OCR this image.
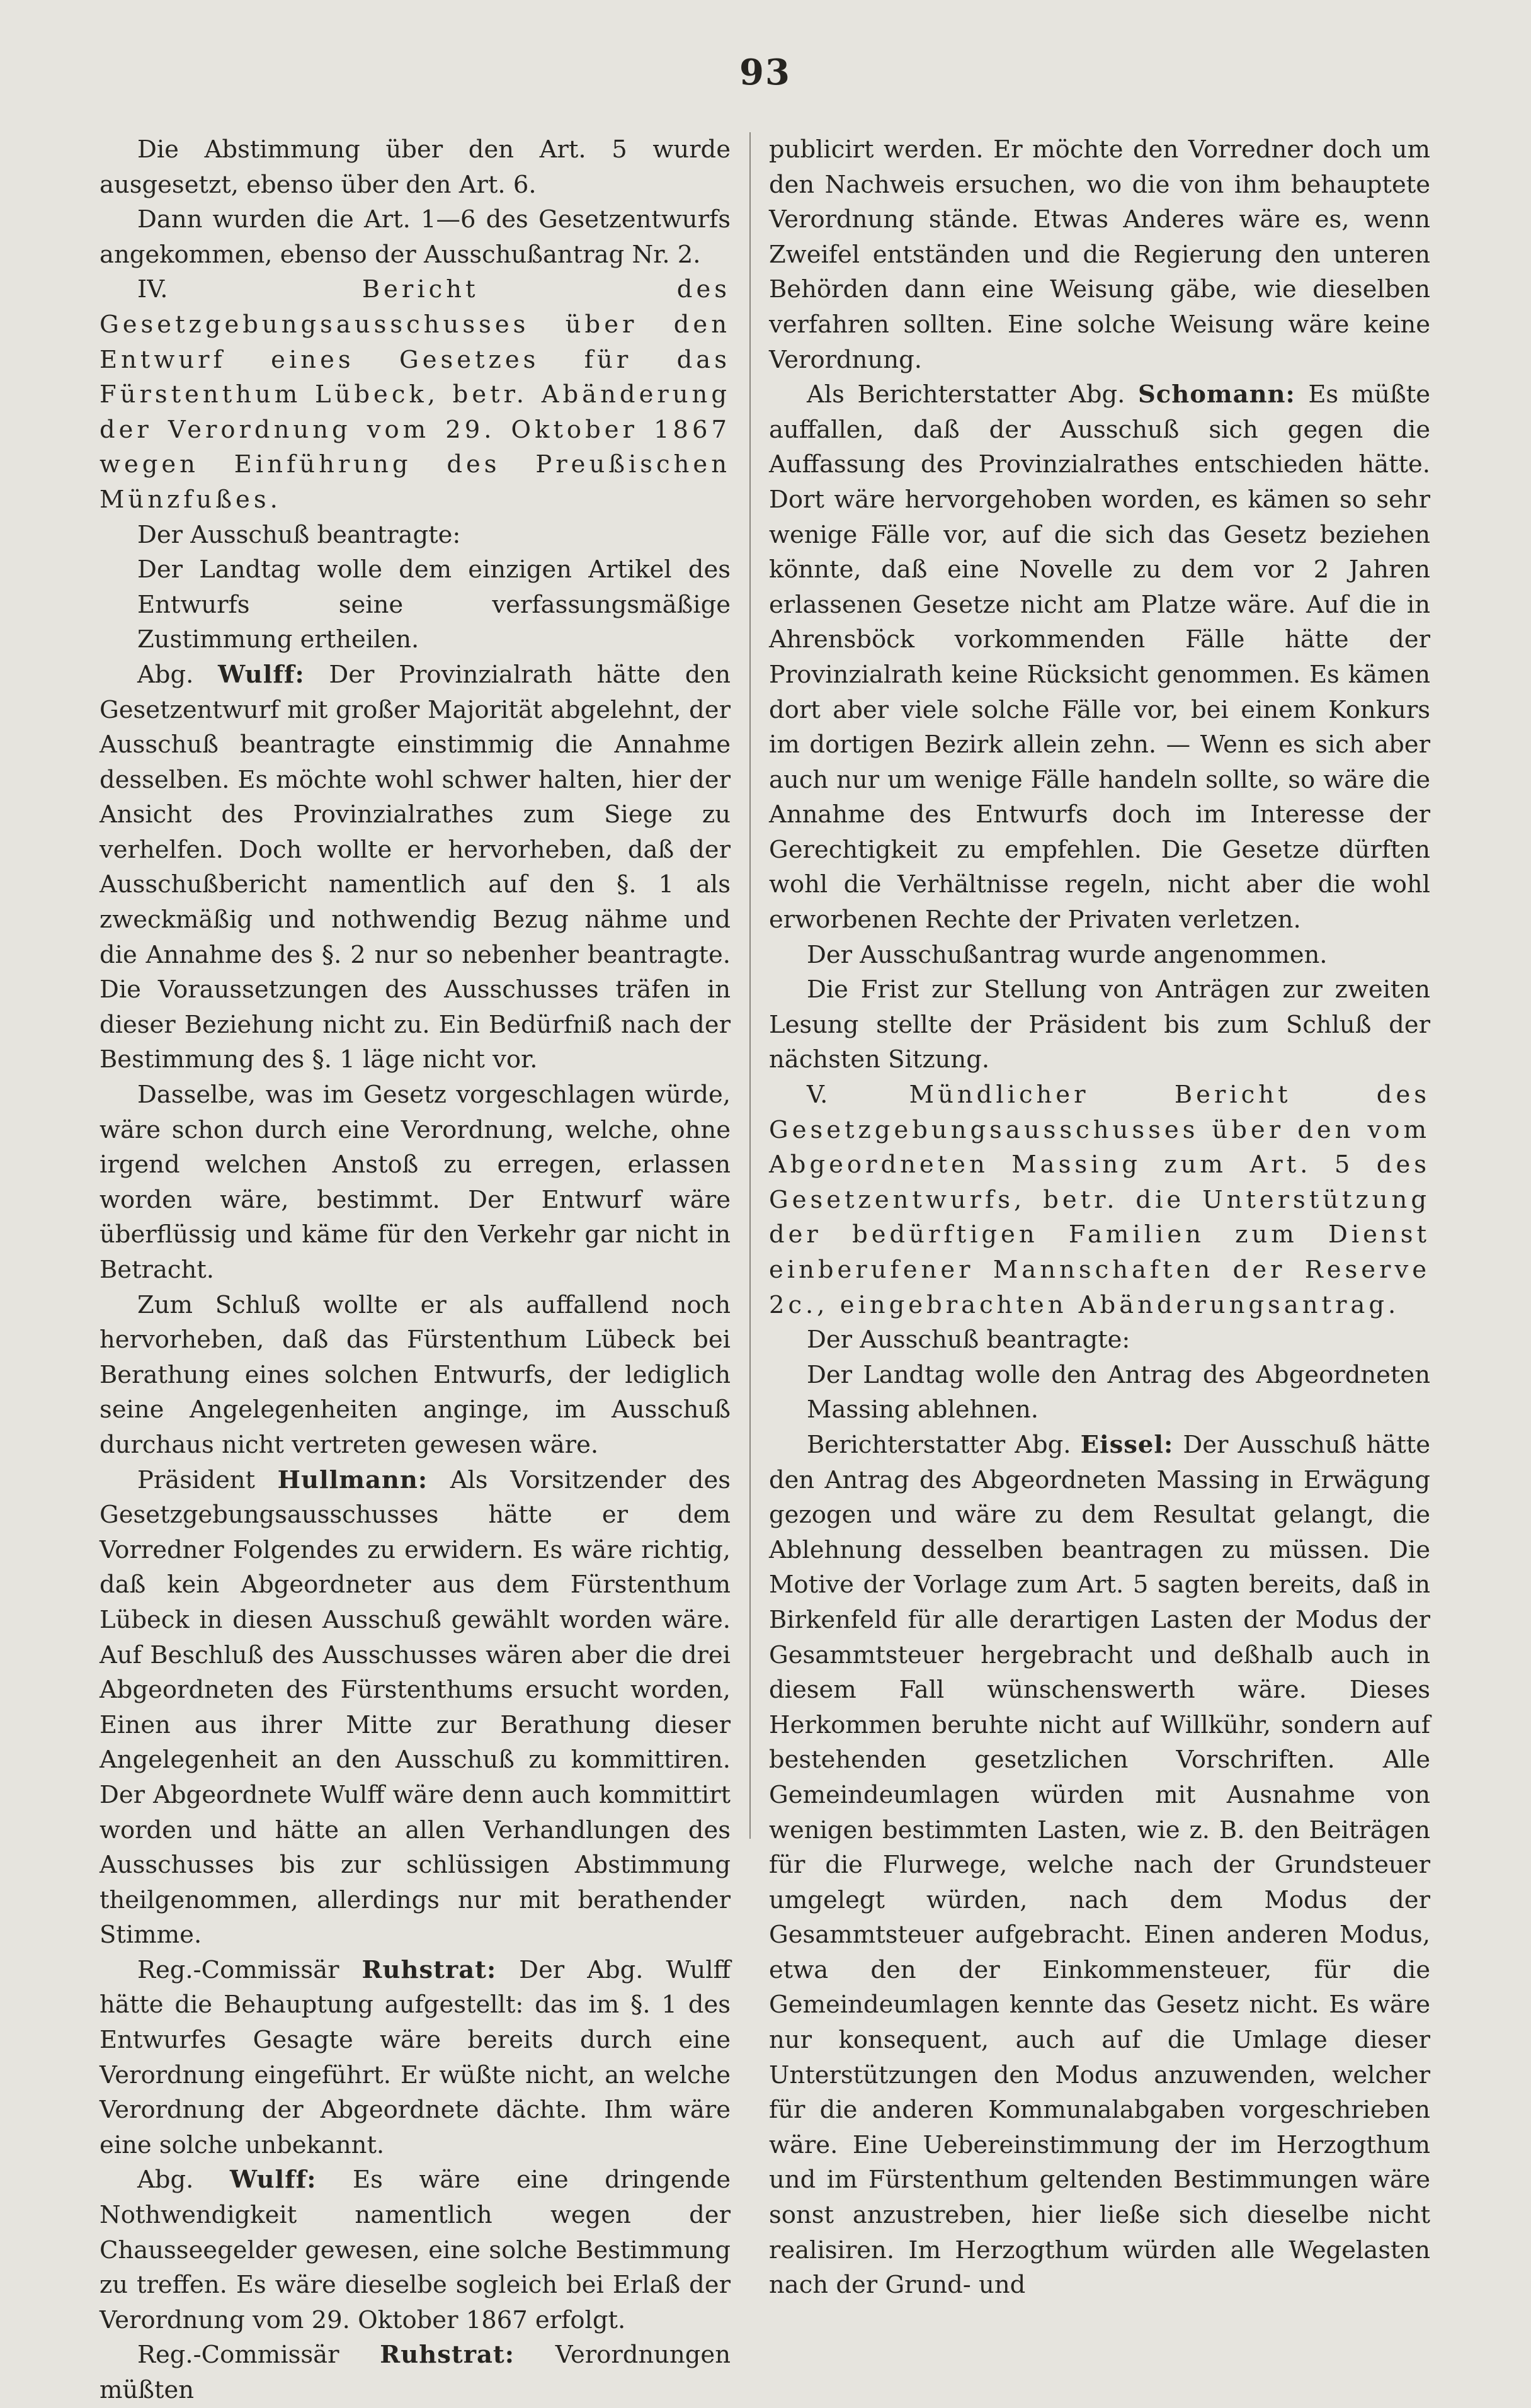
93

Die Abstimmung über den Art. 5 wurde ausgesetzt, ebenso über den Art. 6.

Dann wurden die Art. 1—6 des Gesetzentwurfs angekommen, ebenso der Ausschußantrag Nr. 2.

IV.	Bericht des Gesetzgebungsausschusses über den Entwurf eines Gesetzes für das Fürstenthum Lübeck, betr. Abänderung der Verordnung vom 29. Oktober 1867 wegen Einführung des Preußischen Münzfußes.

Der Ausschuß beantragte:

Der Landtag wolle dem einzigen Artikel des Entwurfs seine verfassungsmäßige Zustimmung ertheilen.

Abg. Wulff: Der Provinzialrath hätte den Gesetzentwurf mit großer Majorität abgelehnt, der Ausschuß beantragte einstimmig die Annahme desselben. Es möchte wohl schwer halten, hier der Ansicht des Provinzialrathes zum Siege zu verhelfen. Doch wollte er hervorheben, daß der Ausschußbericht namentlich auf den §. 1 als zweckmäßig und nothwendig Bezug nähme und die Annahme des §. 2 nur so nebenher beantragte. Die Voraussetzungen des Ausschusses träfen in dieser Beziehung nicht zu. Ein Bedürfniß nach der Bestimmung des §. 1 läge nicht vor.

Dasselbe, was im Gesetz vorgeschlagen würde, wäre schon durch eine Verordnung, welche, ohne irgend welchen Anstoß zu erregen, erlassen worden wäre, bestimmt. Der Entwurf wäre überflüssig und käme für den Verkehr gar nicht in Betracht.

Zum Schluß wollte er als auffallend noch hervorheben, daß das Fürstenthum Lübeck bei Berathung eines solchen Entwurfs, der lediglich seine Angelegenheiten anginge, im Ausschuß durchaus nicht vertreten gewesen wäre.

Präsident Hullmann: Als Vorsitzender des Gesetzgebungsausschusses hätte er dem Vorredner Folgendes zu erwidern. Es wäre richtig, daß kein Abgeordneter aus dem Fürstenthum Lübeck in diesen Ausschuß gewählt worden wäre. Auf Beschluß des Ausschusses wären aber die drei Abgeordneten des Fürstenthums ersucht worden, Einen aus ihrer Mitte zur Berathung dieser Angelegenheit an den Ausschuß zu kommittiren. Der Abgeordnete Wulff wäre denn auch kommittirt worden und hätte an allen Verhandlungen des Ausschusses bis zur schlüssigen Abstimmung theilgenommen, allerdings nur mit berathender Stimme.

Reg.-Commissär Ruhstrat: Der Abg. Wulff hätte die Behauptung aufgestellt: das im §. 1 des Entwurfes Gesagte wäre bereits durch eine Verordnung eingeführt. Er wüßte nicht, an welche Verordnung der Abgeordnete dächte. Ihm wäre eine solche unbekannt.

Abg. Wulff: Es wäre eine dringende Nothwendigkeit namentlich wegen der Chausseegelder gewesen, eine solche Bestimmung zu treffen. Es wäre dieselbe sogleich bei Erlaß der Verordnung vom 29. Oktober 1867 erfolgt.

Reg.-Commissär Ruhstrat: Verordnungen müßten

publicirt werden. Er möchte den Vorredner doch um den Nachweis ersuchen, wo die von ihm behauptete Verordnung stände. Etwas Anderes wäre es, wenn Zweifel entständen und die Regierung den unteren Behörden dann eine Weisung gäbe, wie dieselben verfahren sollten. Eine solche Weisung wäre keine Verordnung.

Als Berichterstatter Abg. Schomann: Es müßte auffallen, daß der Ausschuß sich gegen die Auffassung des Provinzialrathes entschieden hätte. Dort wäre hervorgehoben worden, es kämen so sehr wenige Fälle vor, auf die sich das Gesetz beziehen könnte, daß eine Novelle zu dem vor 2 Jahren erlassenen Gesetze nicht am Platze wäre. Auf die in Ahrensböck vorkommenden Fälle hätte der Provinzialrath keine Rücksicht genommen. Es kämen dort aber viele solche Fälle vor, bei einem Konkurs im dortigen Bezirk allein zehn. — Wenn es sich aber auch nur um wenige Fälle handeln sollte, so wäre die Annahme des Entwurfs doch im Interesse der Gerechtigkeit zu empfehlen. Die Gesetze dürften wohl die Verhältnisse regeln, nicht aber die wohl erworbenen Rechte der Privaten verletzen.

Der Ausschußantrag wurde angenommen.

Die Frist zur Stellung von Anträgen zur zweiten Lesung stellte der Präsident bis zum Schluß der nächsten Sitzung.

V.	Mündlicher Bericht des Gesetzgebungsausschusses über den vom Abgeordneten Massing zum Art. 5 des Gesetzentwurfs, betr. die Unterstützung der bedürftigen Familien zum Dienst einberufener Mannschaften der Reserve 2c., eingebrachten Abänderungsantrag.

Der Ausschuß beantragte:

Der Landtag wolle den Antrag des Abgeordneten Massing ablehnen.

Berichterstatter Abg. Eissel: Der Ausschuß hätte den Antrag des Abgeordneten Massing in Erwägung gezogen und wäre zu dem Resultat gelangt, die Ablehnung desselben beantragen zu müssen. Die Motive der Vorlage zum Art. 5 sagten bereits, daß in Birkenfeld für alle derartigen Lasten der Modus der Gesammtsteuer hergebracht und deßhalb auch in diesem Fall wünschenswerth wäre. Dieses Herkommen beruhte nicht auf Willkühr, sondern auf bestehenden gesetzlichen Vorschriften. Alle Gemeindeumlagen würden mit Ausnahme von wenigen bestimmten Lasten, wie z. B. den Beiträgen für die Flurwege, welche nach der Grundsteuer umgelegt würden, nach dem Modus der Gesammtsteuer aufgebracht. Einen anderen Modus, etwa den der Einkommensteuer, für die Gemeindeumlagen kennte das Gesetz nicht. Es wäre nur konsequent, auch auf die Umlage dieser Unterstützungen den Modus anzuwenden, welcher für die anderen Kommunalabgaben vorgeschrieben wäre. Eine Uebereinstimmung der im Herzogthum und im Fürstenthum geltenden Bestimmungen wäre sonst anzustreben, hier ließe sich dieselbe nicht realisiren. Im Herzogthum würden alle Wegelasten nach der Grund- und
